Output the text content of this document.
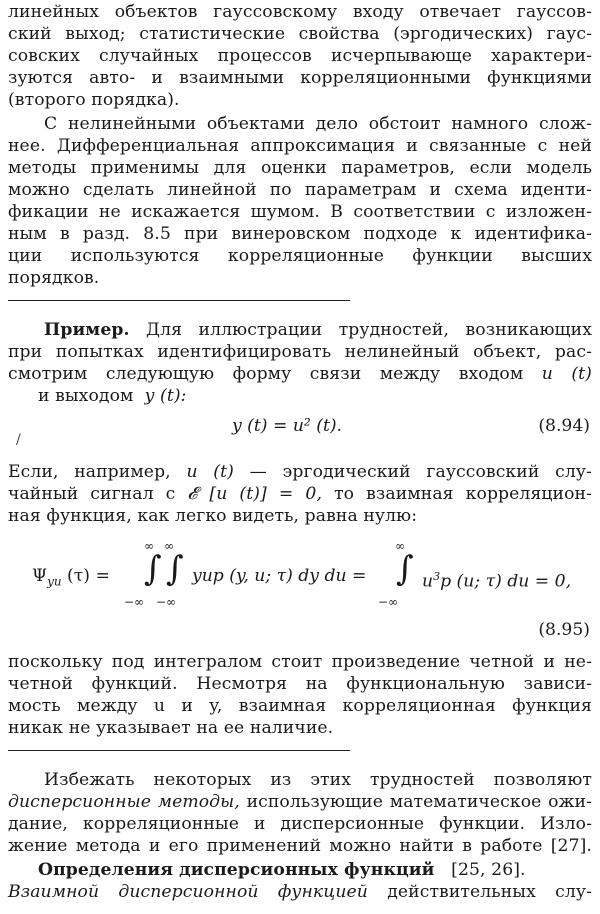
линейных объектов гауссовскому входу отвечает гауссов-
ский выход; статистические свойства (эргодических) гаус-
совских случайных процессов исчерпывающе характери-
зуются авто- и взаимными корреляционными функциями
(второго порядка).
С нелинейными объектами дело обстоит намного слож-
нее. Дифференциальная аппроксимация и связанные с ней
методы применимы для оценки параметров, если модель
можно сделать линейной по параметрам и схема иденти-
фикации не искажается шумом. В соответствии с изложен-
ным в разд. 8.5 при винеровском подходе к идентифика-
ции используются корреляционные функции высших
порядков.
Пример. Для иллюстрации трудностей, возникающих
при попытках идентифицировать нелинейный объект, рас-
смотрим следующую форму связи между входом u (t)
и выходом y (t):
y (t) = u² (t).	(8.94)
/
Если, например, u (t) — эргодический гауссовский слу-
чайный сигнал с 𝓔 [u (t)] = 0, то взаимная корреляцион-
ная функция, как легко видеть, равна нулю:
$\Psi_{yu}$ (τ) =
∞
∫
−∞
∞
∫
−∞
yup (y, u; τ) dy du =
∞
∫
−∞
$u^3p$ (u; τ) du = 0,
(8.95)
поскольку под интегралом стоит произведение четной и не-
четной функций. Несмотря на функциональную зависи-
мость между u и y, взаимная корреляционная функция
никак не указывает на ее наличие.
Избежать некоторых из этих трудностей позволяют
дисперсионные методы, использующие математическое ожи-
дание, корреляционные и дисперсионные функции. Изло-
жение метода и его применений можно найти в работе [27].
Определения дисперсионных функций [25, 26].
Взаимной дисперсионной функцией действительных слу-
